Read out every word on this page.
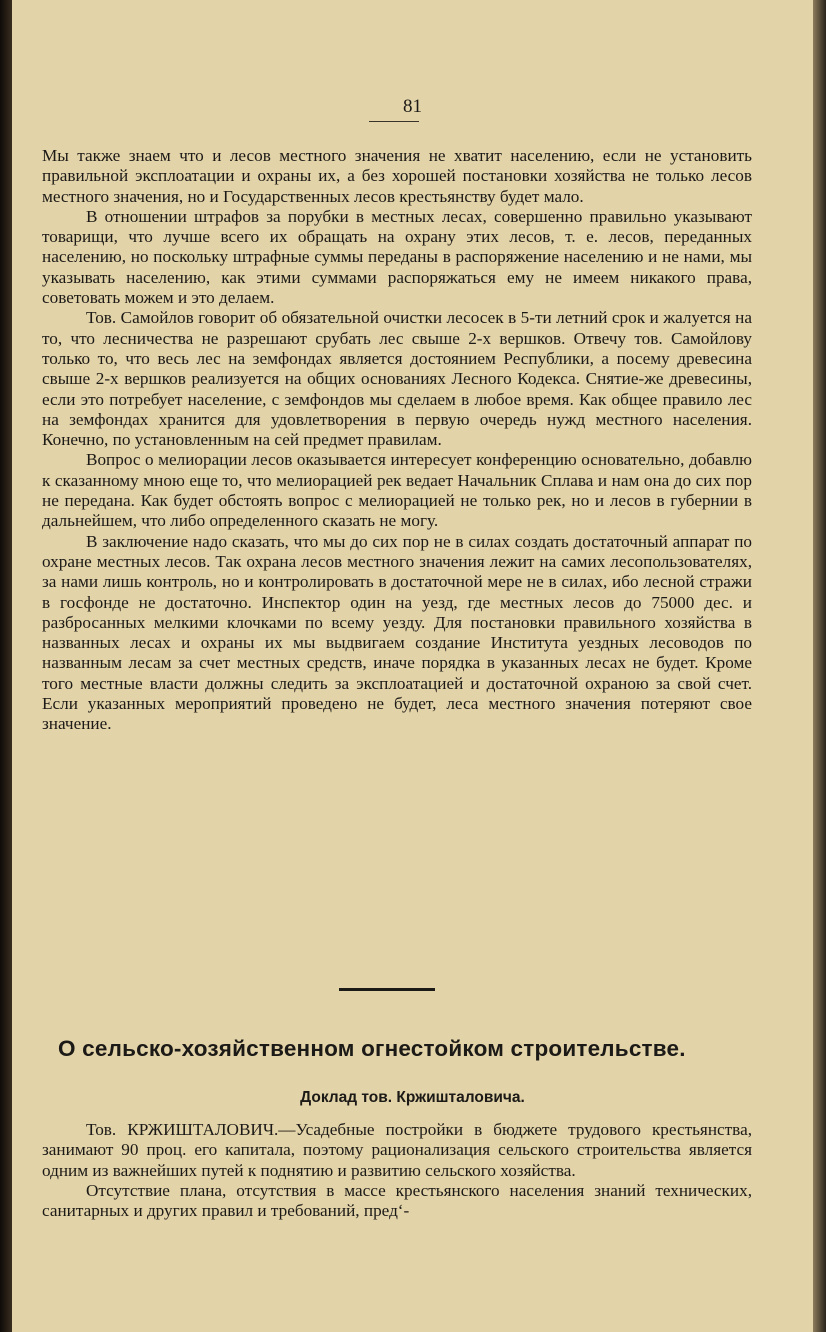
81

Мы также знаем что и лесов местного значения не хватит населению, если не установить правильной эксплоатации и охраны их, а без хорошей постановки хозяйства не только лесов местного значения, но и Государственных лесов крестьянству будет мало.

В отношении штрафов за порубки в местных лесах, совершенно правильно указывают товарищи, что лучше всего их обращать на охрану этих лесов, т. е. лесов, переданных населению, но поскольку штрафные суммы переданы в распоряжение населению и не нами, мы указывать населению, как этими суммами распоряжаться ему не имеем никакого права, советовать можем и это делаем.

Тов. Самойлов говорит об обязательной очистки лесосек в 5-ти летний срок и жалуется на то, что лесничества не разрешают срубать лес свыше 2-х вершков. Отвечу тов. Самойлову только то, что весь лес на земфондах является достоянием Республики, а посему древесина свыше 2-х вершков реализуется на общих основаниях Лесного Кодекса. Снятие-же древесины, если это потребует население, с земфондов мы сделаем в любое время. Как общее правило лес на земфондах хранится для удовлетворения в первую очередь нужд местного населения. Конечно, по установленным на сей предмет правилам.

Вопрос о мелиорации лесов оказывается интересует конференцию основательно, добавлю к сказанному мною еще то, что мелиорацией рек ведает Начальник Сплава и нам она до сих пор не передана. Как будет обстоять вопрос с мелиорацией не только рек, но и лесов в губернии в дальнейшем, что либо определенного сказать не могу.

В заключение надо сказать, что мы до сих пор не в силах создать достаточный аппарат по охране местных лесов. Так охрана лесов местного значения лежит на самих лесопользователях, за нами лишь контроль, но и контролировать в достаточной мере не в силах, ибо лесной стражи в госфонде не достаточно. Инспектор один на уезд, где местных лесов до 75000 дес. и разбросанных мелкими клочками по всему уезду. Для постановки правильного хозяйства в названных лесах и охраны их мы выдвигаем создание Института уездных лесоводов по названным лесам за счет местных средств, иначе порядка в указанных лесах не будет. Кроме того местные власти должны следить за эксплоатацией и достаточной охраною за свой счет. Если указанных мероприятий проведено не будет, леса местного значения потеряют свое значение.

О сельско-хозяйственном огнестойком строительстве.
Доклад тов. Кржишталовича.

Тов. КРЖИШТАЛОВИЧ.—Усадебные постройки в бюджете трудового крестьянства, занимают 90 проц. его капитала, поэтому рационализация сельского строительства является одним из важнейших путей к поднятию и развитию сельского хозяйства.

Отсутствие плана, отсутствия в массе крестьянского населения знаний технических, санитарных и других правил и требований, пред‘-
